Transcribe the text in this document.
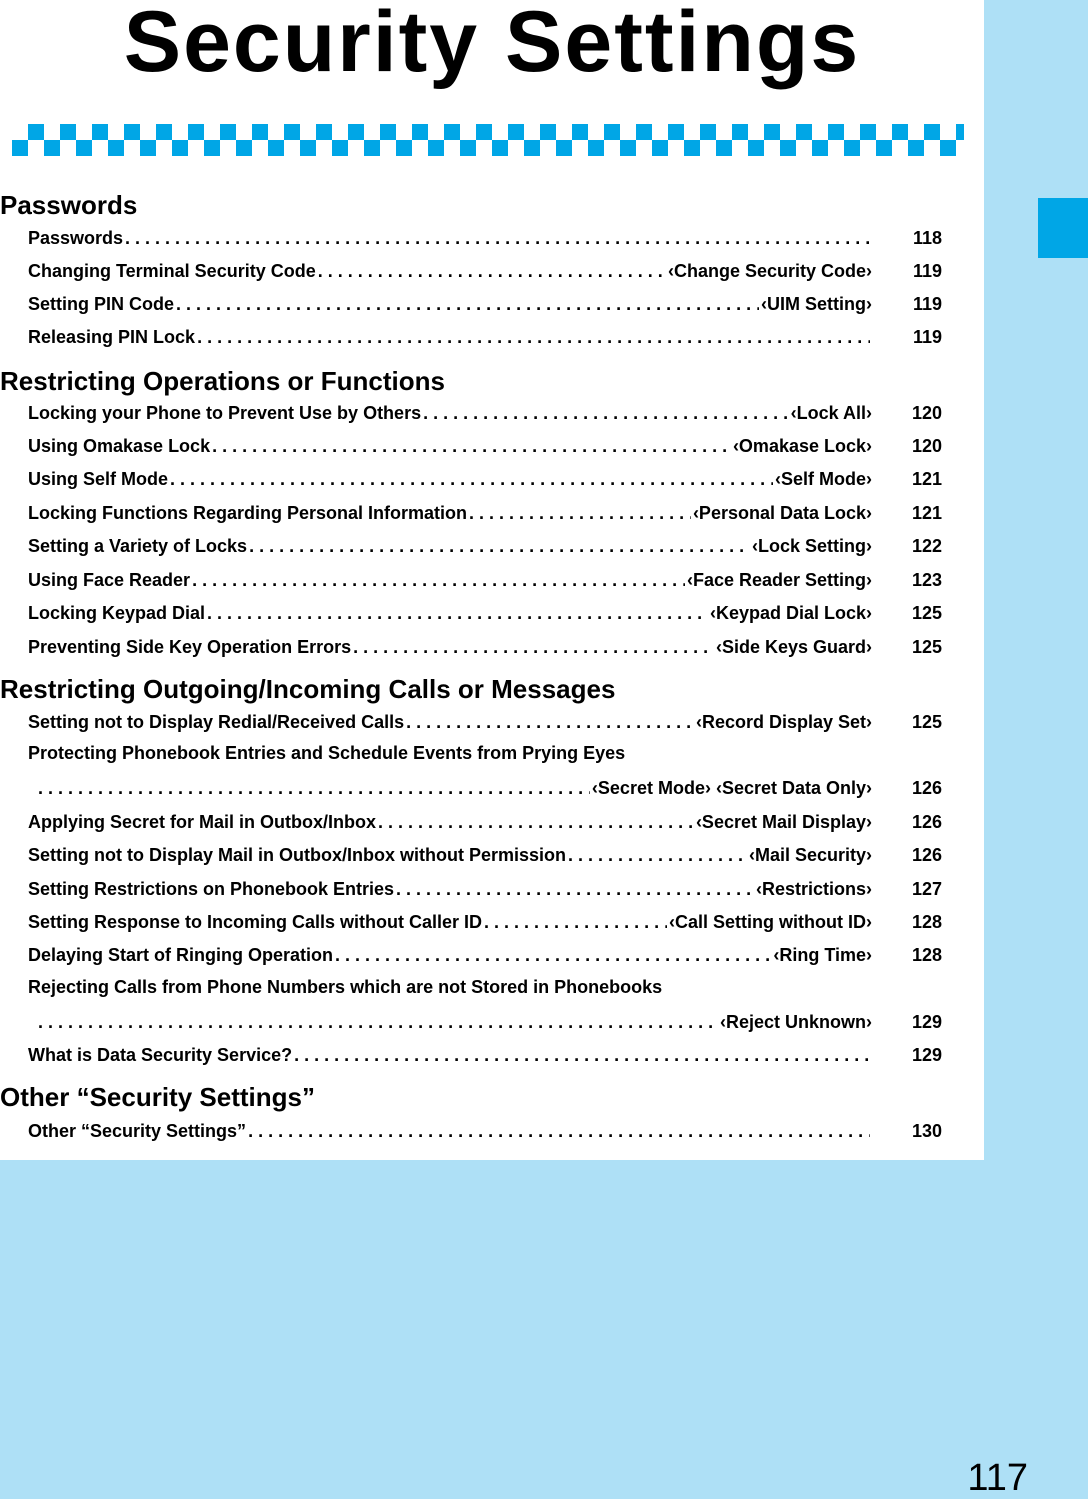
Security Settings
Passwords
Passwords . . .	118
Changing Terminal Security Code . . .	‹Change Security Code›	119
Setting PIN Code . . .	‹UIM Setting›	119
Releasing PIN Lock . . .	119
Restricting Operations or Functions
Locking your Phone to Prevent Use by Others . . .	‹Lock All›	120
Using Omakase Lock . . .	‹Omakase Lock›	120
Using Self Mode . . .	‹Self Mode›	121
Locking Functions Regarding Personal Information . . .	‹Personal Data Lock›	121
Setting a Variety of Locks . . .	‹Lock Setting›	122
Using Face Reader . . .	‹Face Reader Setting›	123
Locking Keypad Dial . . .	‹Keypad Dial Lock›	125
Preventing Side Key Operation Errors . . .	‹Side Keys Guard›	125
Restricting Outgoing/Incoming Calls or Messages
Setting not to Display Redial/Received Calls . . .	‹Record Display Set›	125
Protecting Phonebook Entries and Schedule Events from Prying Eyes
. . .
‹Secret Mode› ‹Secret Data Only›	126
Applying Secret for Mail in Outbox/Inbox . . .	‹Secret Mail Display›	126
Setting not to Display Mail in Outbox/Inbox without Permission . . .	‹Mail Security›	126
Setting Restrictions on Phonebook Entries . . .	‹Restrictions›	127
Setting Response to Incoming Calls without Caller ID . . .	‹Call Setting without ID›	128
Delaying Start of Ringing Operation . . .	‹Ring Time›	128
Rejecting Calls from Phone Numbers which are not Stored in Phonebooks
. . .
‹Reject Unknown›	129
What is Data Security Service? . . .	129
Other “Security Settings”
Other “Security Settings” . . .	130
117
